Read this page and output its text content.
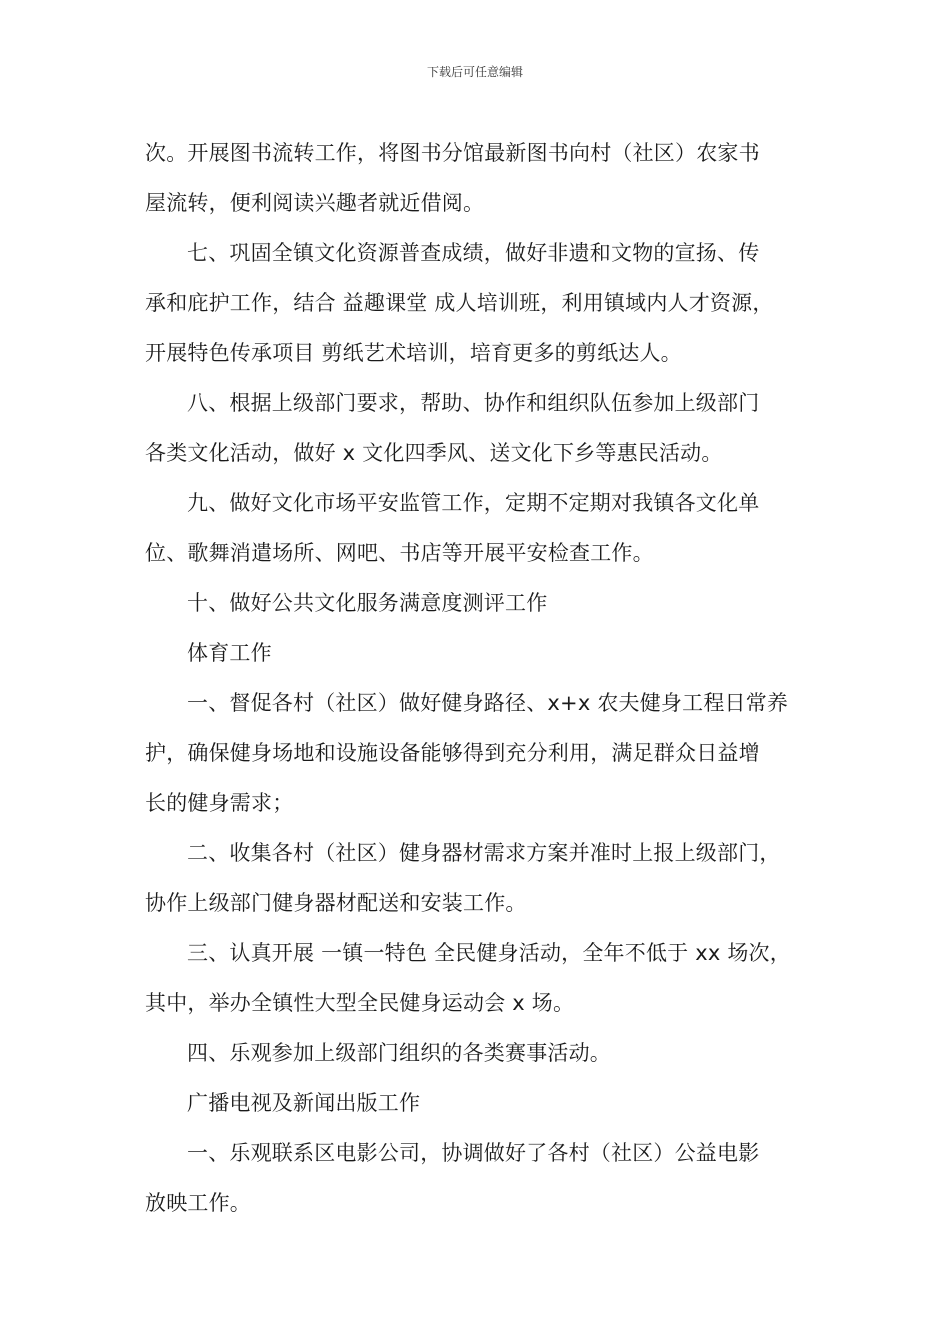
下载后可任意编辑
次。开展图书流转工作，将图书分馆最新图书向村（社区）农家书
屋流转，便利阅读兴趣者就近借阅。
七、巩固全镇文化资源普查成绩，做好非遗和文物的宣扬、传
承和庇护工作，结合 益趣课堂 成人培训班，利用镇域内人才资源，
开展特色传承项目 剪纸艺术培训，培育更多的剪纸达人。
八、根据上级部门要求，帮助、协作和组织队伍参加上级部门
各类文化活动，做好 x 文化四季风、送文化下乡等惠民活动。
九、做好文化市场平安监管工作，定期不定期对我镇各文化单
位、歌舞消遣场所、网吧、书店等开展平安检查工作。
十、做好公共文化服务满意度测评工作
体育工作
一、督促各村（社区）做好健身路径、x+x 农夫健身工程日常养
护，确保健身场地和设施设备能够得到充分利用，满足群众日益增
长的健身需求；
二、收集各村（社区）健身器材需求方案并准时上报上级部门，
协作上级部门健身器材配送和安装工作。
三、认真开展 一镇一特色 全民健身活动，全年不低于 xx 场次，
其中，举办全镇性大型全民健身运动会 x 场。
四、乐观参加上级部门组织的各类赛事活动。
广播电视及新闻出版工作
一、乐观联系区电影公司，协调做好了各村（社区）公益电影
放映工作。
